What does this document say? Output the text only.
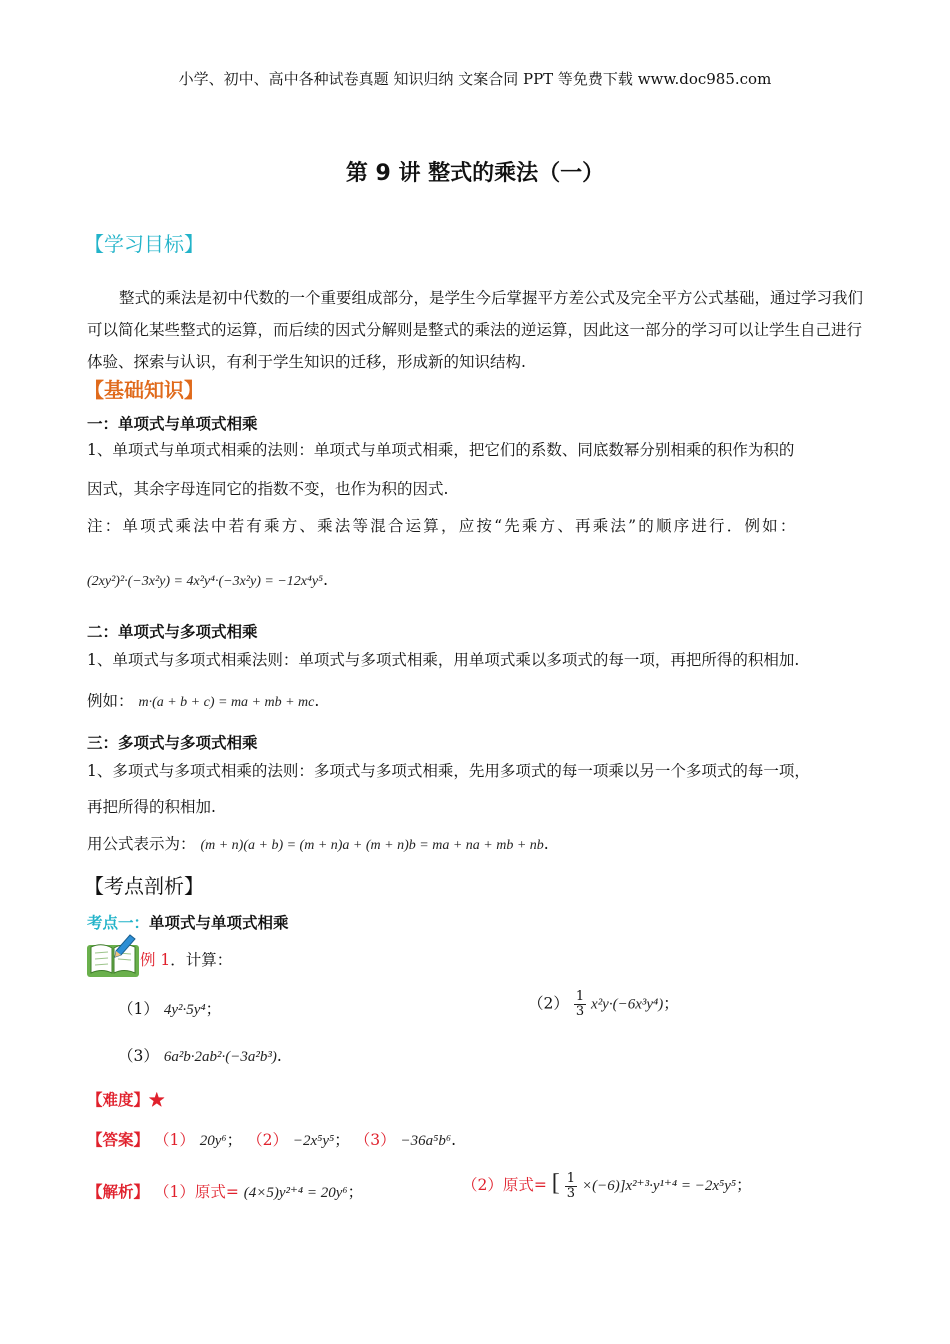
小学、初中、高中各种试卷真题 知识归纳 文案合同 PPT 等免费下载 www.doc985.com
第 9 讲 整式的乘法（一）
【学习目标】
整式的乘法是初中代数的一个重要组成部分，是学生今后掌握平方差公式及完全平方公式基础，通过学习我们可以简化某些整式的运算，而后续的因式分解则是整式的乘法的逆运算，因此这一部分的学习可以让学生自己进行体验、探索与认识，有利于学生知识的迁移，形成新的知识结构.
【基础知识】
一：单项式与单项式相乘
1、单项式与单项式相乘的法则：单项式与单项式相乘，把它们的系数、同底数幂分别相乘的积作为积的
因式，其余字母连同它的指数不变，也作为积的因式.
注：单项式乘法中若有乘方、乘法等混合运算，应按“先乘方、再乘法”的顺序进行．例如：
(2xy²)²·(−3x²y) = 4x²y⁴·(−3x²y) = −12x⁴y⁵.
二：单项式与多项式相乘
1、单项式与多项式相乘法则：单项式与多项式相乘，用单项式乘以多项式的每一项，再把所得的积相加.
例如： m·(a + b + c) = ma + mb + mc.
三：多项式与多项式相乘
1、多项式与多项式相乘的法则：多项式与多项式相乘，先用多项式的每一项乘以另一个多项式的每一项，
再把所得的积相加.
用公式表示为： (m + n)(a + b) = (m + n)a + (m + n)b = ma + na + mb + nb.
【考点剖析】
考点一：单项式与单项式相乘
例 1．计算：
（1） 4y²·5y⁴；	$(2) \frac{1}{3} x^2y\cdot(-6x^3y^4)$；
（3） 6a²b·2ab²·(−3a²b³).
【难度】★
【答案】 （1） 20y⁶； （2） −2x⁵y⁵； （3） −36a⁵b⁶.
【解析】 （1）原式= (4×5)y²⁺⁴ = 20y⁶；	（2）原式= [ $\frac{1}{3} \times(-6)]x^{2+3}\cdot y^{1+4} = -2x^5y^5$；
